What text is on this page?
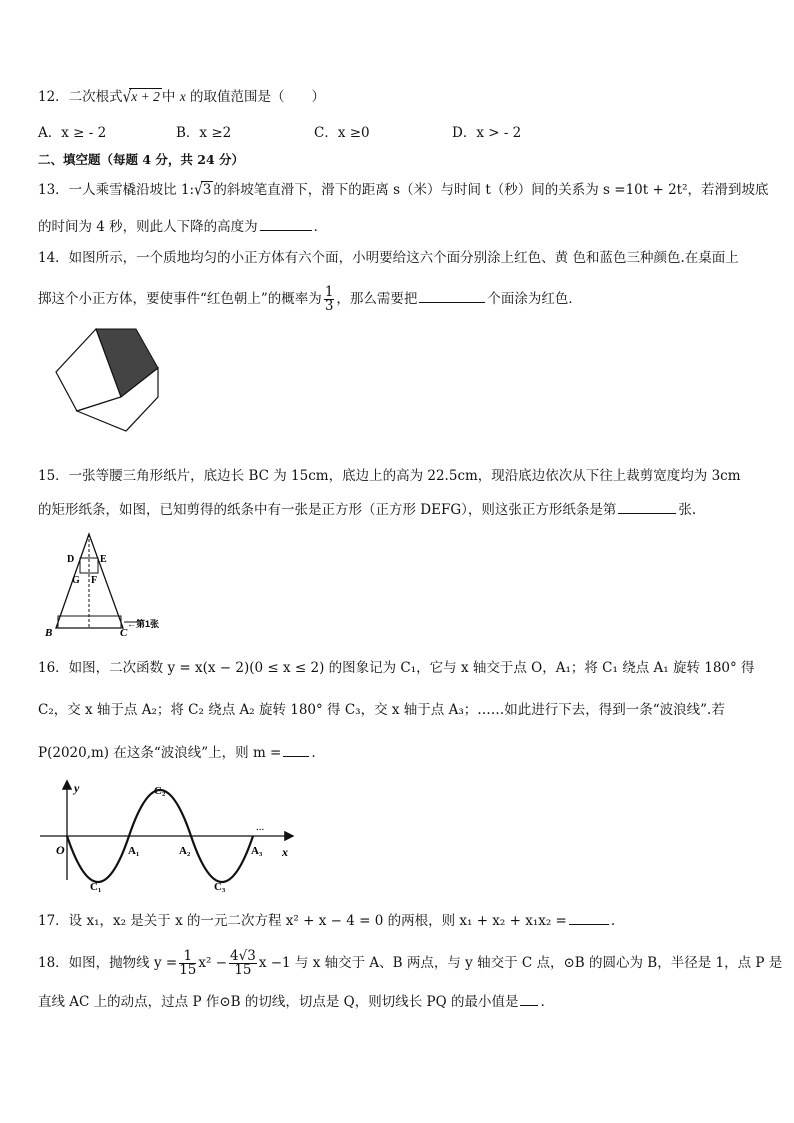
12．二次根式√x + 2 中 x 的取值范围是（　　）
A．x ≥ - 2	B．x ≥2	C．x ≥0	D．x > - 2
二、填空题（每题 4 分，共 24 分）
13．一人乘雪橇沿坡比 1:√3 的斜坡笔直滑下，滑下的距离 s（米）与时间 t（秒）间的关系为 s =10t + 2t²，若滑到坡底
的时间为 4 秒，则此人下降的高度为	．
14．如图所示，一个质地均匀的小正方体有六个面，小明要给这六个面分别涂上红色、黄 色和蓝色三种颜色.在桌面上
掷这个小正方体，要使事件“红色朝上”的概率为 $\frac{1}{3}$ ，那么需要把	个面涂为红色．
15．一张等腰三角形纸片，底边长 BC 为 15cm，底边上的高为 22.5cm，现沿底边依次从下往上裁剪宽度均为 3cm
的矩形纸条，如图，已知剪得的纸条中有一张是正方形（正方形 DEFG），则这张正方形纸条是第	张.
D	E
G F
B	C
←第1张
16．如图，二次函数 y = x(x − 2)(0 ≤ x ≤ 2) 的图象记为 C₁，它与 x 轴交于点 O，A₁；将 C₁ 绕点 A₁ 旋转 180° 得
C₂，交 x 轴于点 A₂；将 C₂ 绕点 A₂ 旋转 180° 得 C₃，交 x 轴于点 A₃；……如此进行下去，得到一条“波浪线”.若
P(2020,m) 在这条“波浪线”上，则 m = .
y
x
O	A₁	A₂	A₃
C₁
C₂
C₃
...
17．设 x₁，x₂ 是关于 x 的一元二次方程 x² + x − 4 = 0 的两根，则 x₁ + x₂ + x₁x₂ =	.
18．如图，抛物线 $y = \frac{1}{15} x^2 - \frac{4√3}{15}$ x −1 与 x 轴交于 A、B 两点，与 y 轴交于 C 点，⊙B 的圆心为 B，半径是 1，点 P 是
直线 AC 上的动点，过点 P 作⊙B 的切线，切点是 Q，则切线长 PQ 的最小值是 .
